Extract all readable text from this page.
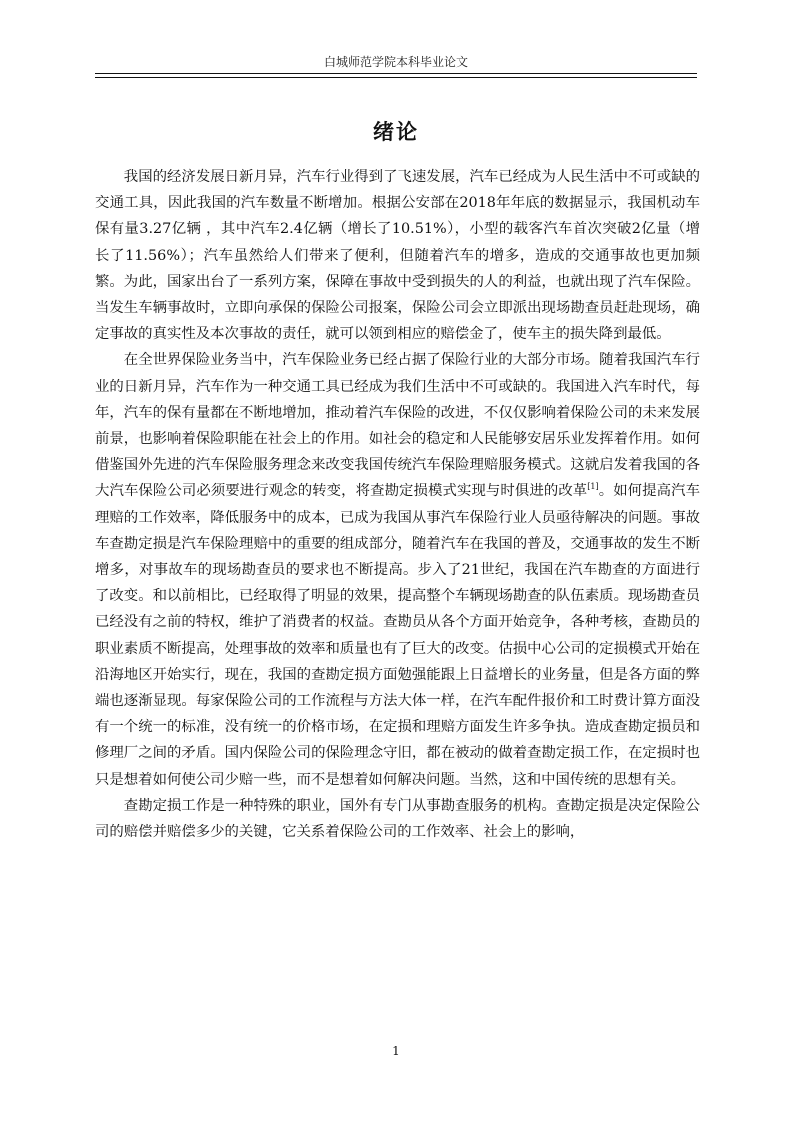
白城师范学院本科毕业论文
绪论

我国的经济发展日新月异，汽车行业得到了飞速发展，汽车已经成为人民生活中不可或缺的交通工具，因此我国的汽车数量不断增加。根据公安部在2018年年底的数据显示，我国机动车保有量3.27亿辆 ，其中汽车2.4亿辆（增长了10.51%），小型的载客汽车首次突破2亿量（增长了11.56%）；汽车虽然给人们带来了便利，但随着汽车的增多，造成的交通事故也更加频繁。为此，国家出台了一系列方案，保障在事故中受到损失的人的利益，也就出现了汽车保险。当发生车辆事故时，立即向承保的保险公司报案，保险公司会立即派出现场勘查员赶赴现场，确定事故的真实性及本次事故的责任，就可以领到相应的赔偿金了，使车主的损失降到最低。

在全世界保险业务当中，汽车保险业务已经占据了保险行业的大部分市场。随着我国汽车行业的日新月异，汽车作为一种交通工具已经成为我们生活中不可或缺的。我国进入汽车时代，每年，汽车的保有量都在不断地增加，推动着汽车保险的改进，不仅仅影响着保险公司的未来发展前景，也影响着保险职能在社会上的作用。如社会的稳定和人民能够安居乐业发挥着作用。如何借鉴国外先进的汽车保险服务理念来改变我国传统汽车保险理赔服务模式。这就启发着我国的各大汽车保险公司必须要进行观念的转变，将查勘定损模式实现与时俱进的改革[1]。如何提高汽车理赔的工作效率，降低服务中的成本，已成为我国从事汽车保险行业人员亟待解决的问题。事故车查勘定损是汽车保险理赔中的重要的组成部分，随着汽车在我国的普及，交通事故的发生不断增多，对事故车的现场勘查员的要求也不断提高。步入了21世纪，我国在汽车勘查的方面进行了改变。和以前相比，已经取得了明显的效果，提高整个车辆现场勘查的队伍素质。现场勘查员已经没有之前的特权，维护了消费者的权益。查勘员从各个方面开始竞争，各种考核，查勘员的职业素质不断提高，处理事故的效率和质量也有了巨大的改变。估损中心公司的定损模式开始在沿海地区开始实行，现在，我国的查勘定损方面勉强能跟上日益增长的业务量，但是各方面的弊端也逐渐显现。每家保险公司的工作流程与方法大体一样，在汽车配件报价和工时费计算方面没有一个统一的标准，没有统一的价格市场，在定损和理赔方面发生许多争执。造成查勘定损员和修理厂之间的矛盾。国内保险公司的保险理念守旧，都在被动的做着查勘定损工作，在定损时也只是想着如何使公司少赔一些，而不是想着如何解决问题。当然，这和中国传统的思想有关。

查勘定损工作是一种特殊的职业，国外有专门从事勘查服务的机构。查勘定损是决定保险公司的赔偿并赔偿多少的关键，它关系着保险公司的工作效率、社会上的影响，

1
